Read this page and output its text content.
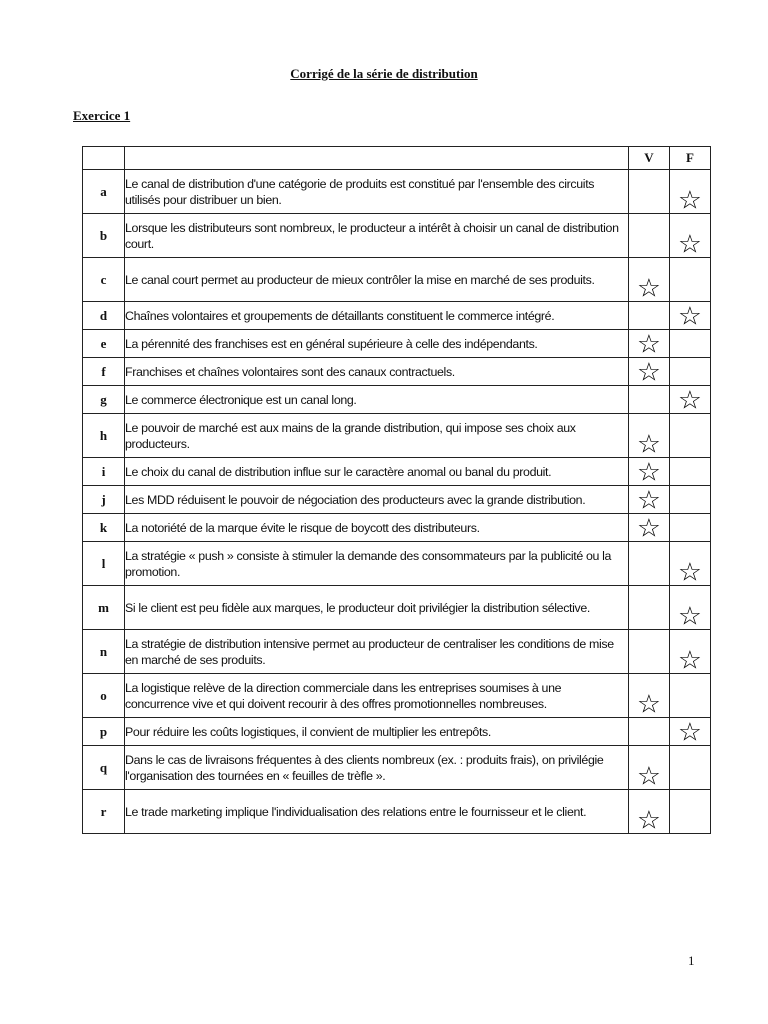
Corrigé de la série de distribution
Exercice 1
		V	F
a	Le canal de distribution d'une catégorie de produits est constitué par l'ensemble des circuits utilisés pour distribuer un bien.		☆
b	Lorsque les distributeurs sont nombreux, le producteur a intérêt à choisir un canal de distribution court.		☆
c	Le canal court permet au producteur de mieux contrôler la mise en marché de ses produits.	☆	
d	Chaînes volontaires et groupements de détaillants constituent le commerce intégré.		☆
e	La pérennité des franchises est en général supérieure à celle des indépendants.	☆	
f	Franchises et chaînes volontaires sont des canaux contractuels.	☆	
g	Le commerce électronique est un canal long.		☆
h	Le pouvoir de marché est aux mains de la grande distribution, qui impose ses choix aux producteurs.	☆	
i	Le choix du canal de distribution influe sur le caractère anomal ou banal du produit.	☆	
j	Les MDD réduisent le pouvoir de négociation des producteurs avec la grande distribution.	☆	
k	La notoriété de la marque évite le risque de boycott des distributeurs.	☆	
l	La stratégie « push » consiste à stimuler la demande des consommateurs par la publicité ou la promotion.		☆
m	Si le client est peu fidèle aux marques, le producteur doit privilégier la distribution sélective.		☆
n	La stratégie de distribution intensive permet au producteur de centraliser les conditions de mise en marché de ses produits.		☆
o	La logistique relève de la direction commerciale dans les entreprises soumises à une concurrence vive et qui doivent recourir à des offres promotionnelles nombreuses.	☆	
p	Pour réduire les coûts logistiques, il convient de multiplier les entrepôts.		☆
q	Dans le cas de livraisons fréquentes à des clients nombreux (ex. : produits frais), on privilégie l'organisation des tournées en « feuilles de trèfle ».	☆	
r	Le trade marketing implique l'individualisation des relations entre le fournisseur et le client.	☆	
1
